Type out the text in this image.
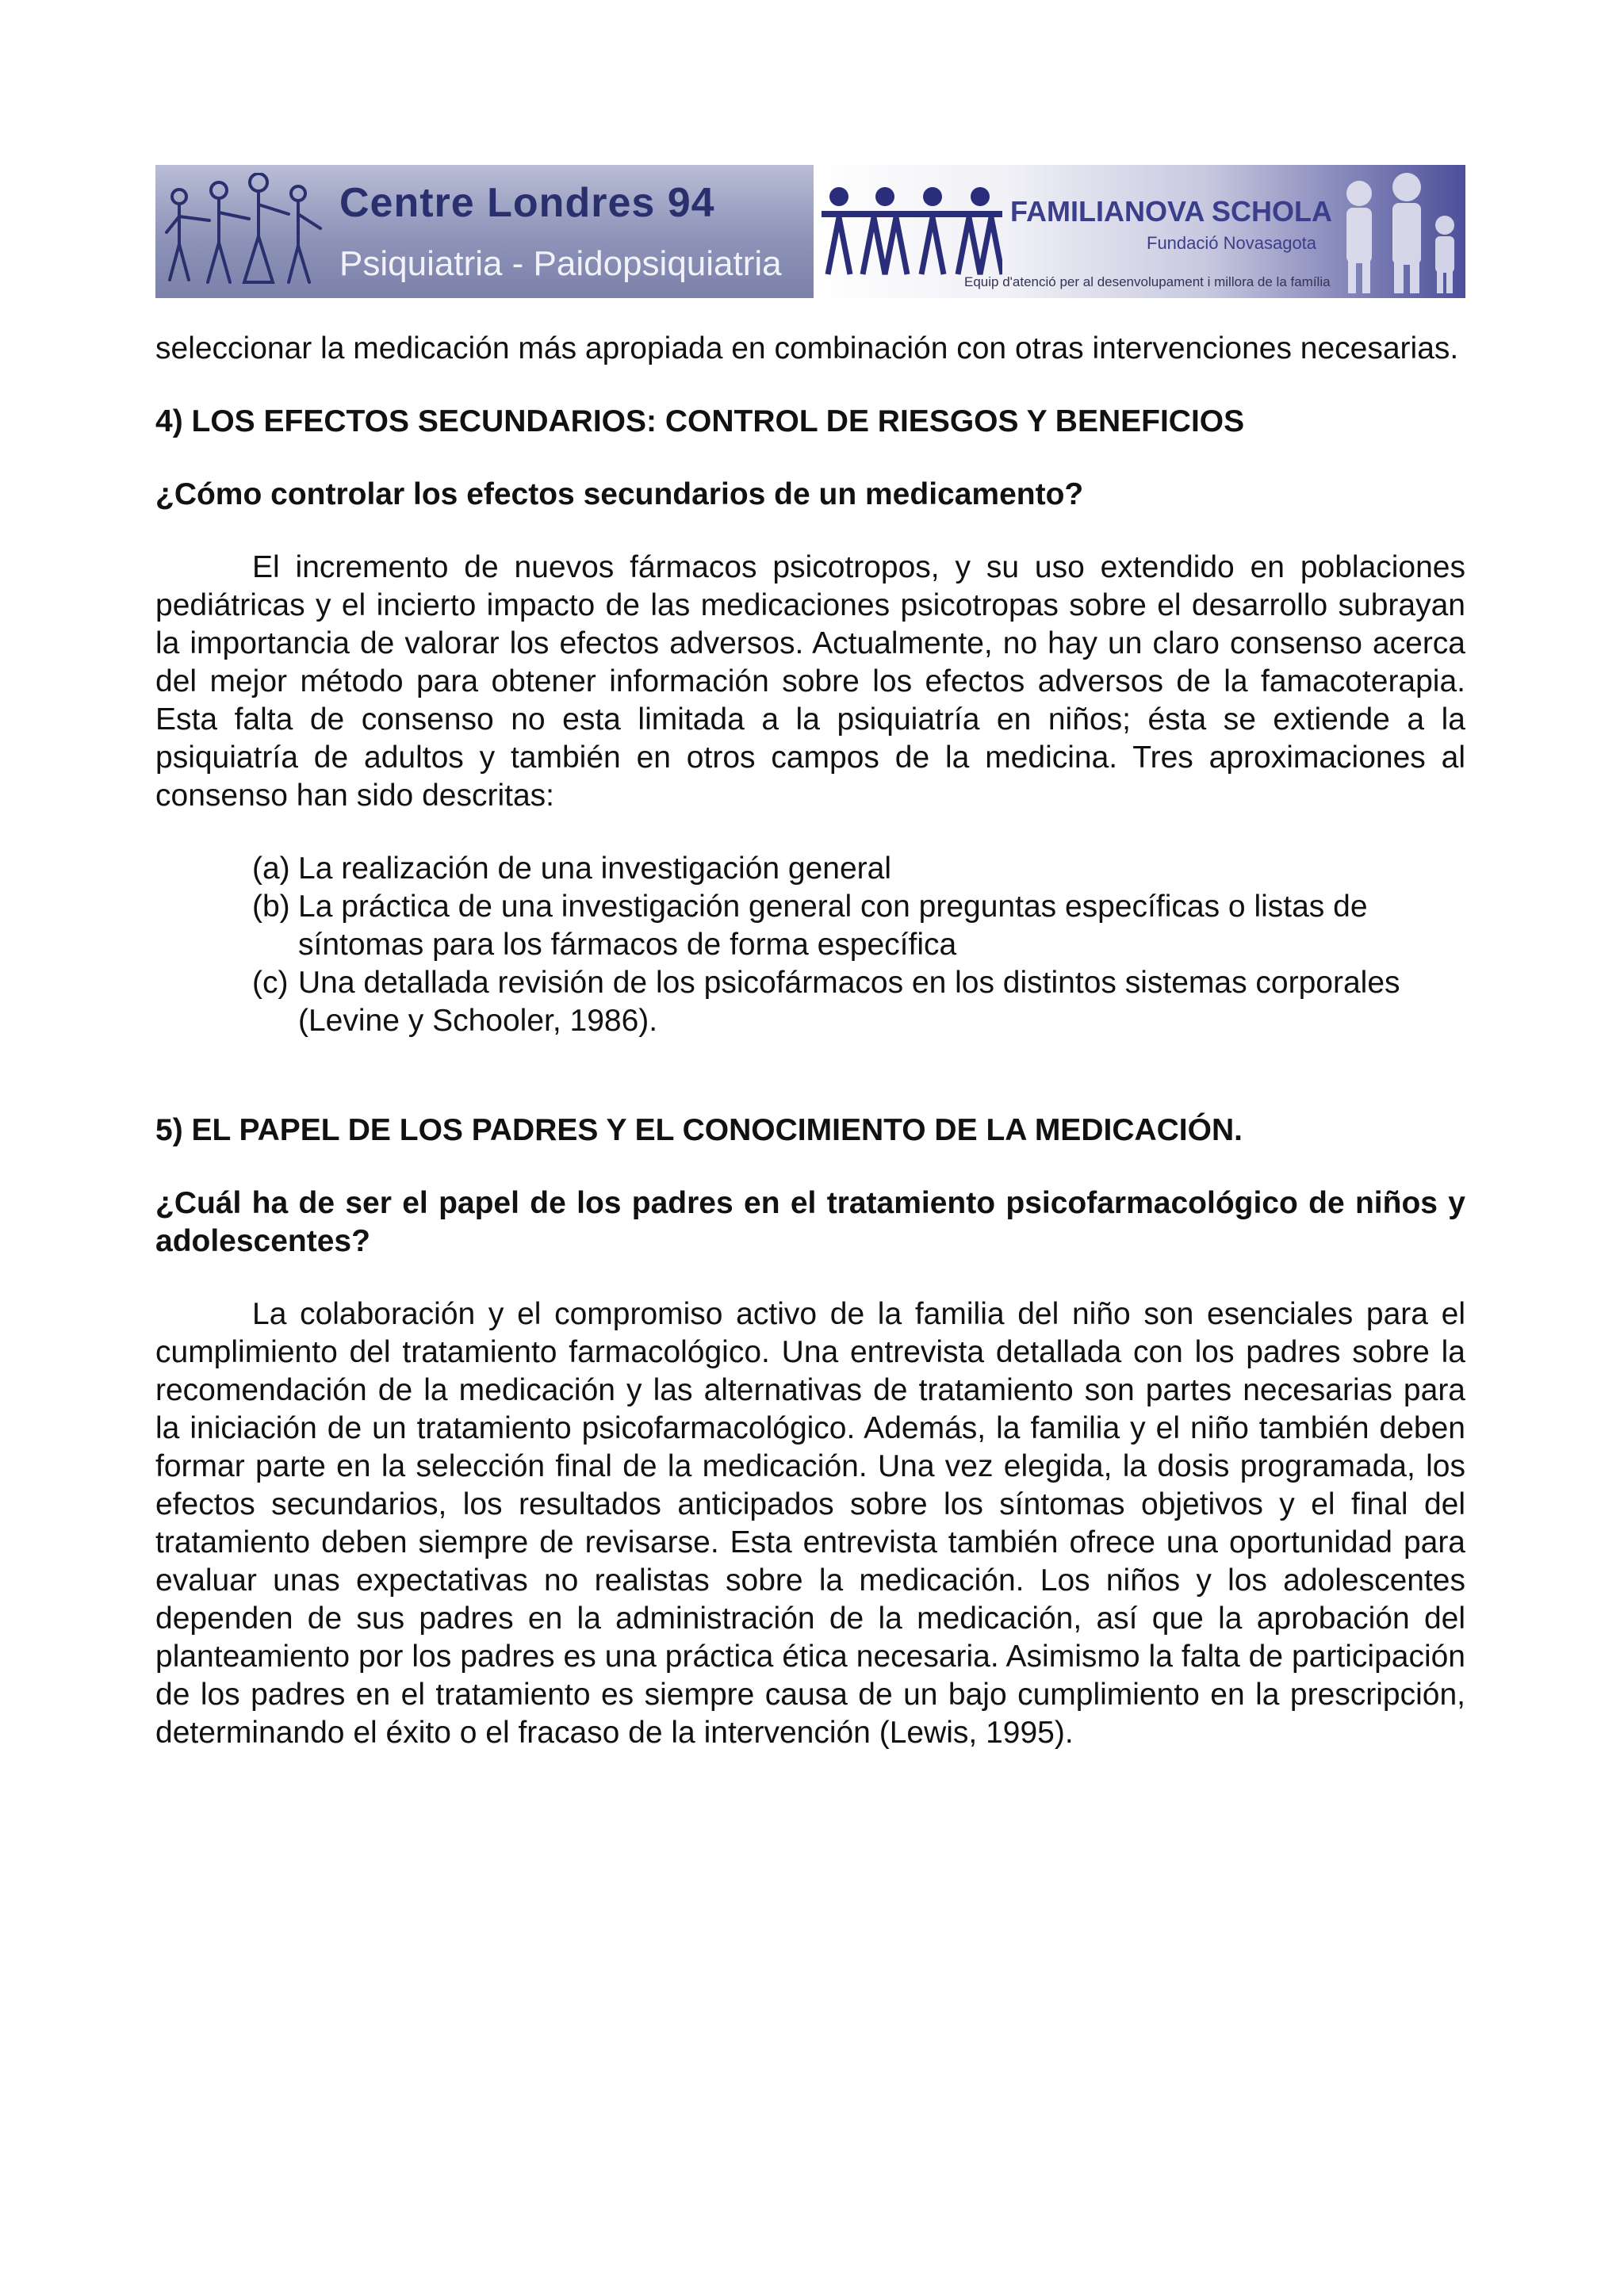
Centre Londres 94
Psiquiatria - Paidopsiquiatria
FAMILIANOVA SCHOLA
Fundació Novasagota
Equip d'atenció per al desenvolupament i millora de la família

seleccionar la medicación más apropiada en combinación con otras intervenciones necesarias.

4) LOS EFECTOS SECUNDARIOS: CONTROL DE RIESGOS Y BENEFICIOS

¿Cómo controlar los efectos secundarios de un medicamento?

El incremento de nuevos fármacos psicotropos, y su uso extendido en poblaciones pediátricas y el incierto impacto de las medicaciones psicotropas sobre el desarrollo subrayan la importancia de valorar los efectos adversos. Actualmente, no hay un claro consenso acerca del mejor método para obtener información sobre los efectos adversos de la famacoterapia. Esta falta de consenso no esta limitada a la psiquiatría en niños; ésta se extiende a la psiquiatría de adultos y también en otros campos de la medicina. Tres aproximaciones al consenso han sido descritas:

(a) La realización de una investigación general
(b) La práctica de una investigación general con preguntas específicas o listas de síntomas para los fármacos de forma específica
(c) Una detallada revisión de los psicofármacos en los distintos sistemas corporales (Levine y Schooler, 1986).

5) EL PAPEL DE LOS PADRES Y EL CONOCIMIENTO DE LA MEDICACIÓN.

¿Cuál ha de ser el papel de los padres en el tratamiento psicofarmacológico de niños y adolescentes?

La colaboración y el compromiso activo de la familia del niño son esenciales para el cumplimiento del tratamiento farmacológico. Una entrevista detallada con los padres sobre la recomendación de la medicación y las alternativas de tratamiento son partes necesarias para la iniciación de un tratamiento psicofarmacológico. Además, la familia y el niño también deben formar parte en la selección final de la medicación. Una vez elegida, la dosis programada, los efectos secundarios, los resultados anticipados sobre los síntomas objetivos y el final del tratamiento deben siempre de revisarse. Esta entrevista también ofrece una oportunidad para evaluar unas expectativas no realistas sobre la medicación. Los niños y los adolescentes dependen de sus padres en la administración de la medicación, así que la aprobación del planteamiento por los padres es una práctica ética necesaria. Asimismo la falta de participación de los padres en el tratamiento es siempre causa de un bajo cumplimiento en la prescripción, determinando el éxito o el fracaso de la intervención (Lewis, 1995).
